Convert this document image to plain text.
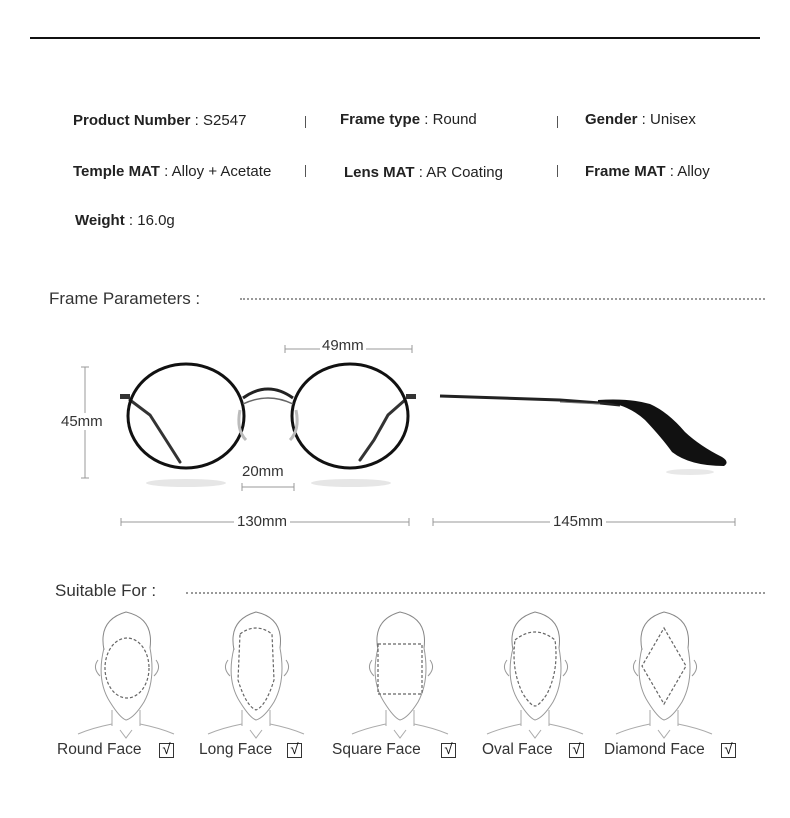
Product Number : S2547	Frame type : Round	Gender : Unisex
Temple MAT : Alloy + Acetate	Lens MAT : AR Coating	Frame MAT : Alloy
Weight : 16.0g
Frame Parameters :
49mm
45mm
20mm
130mm	145mm
Suitable For :
Round Face √ Long Face √ Square Face √ Oval Face √ Diamond Face √
